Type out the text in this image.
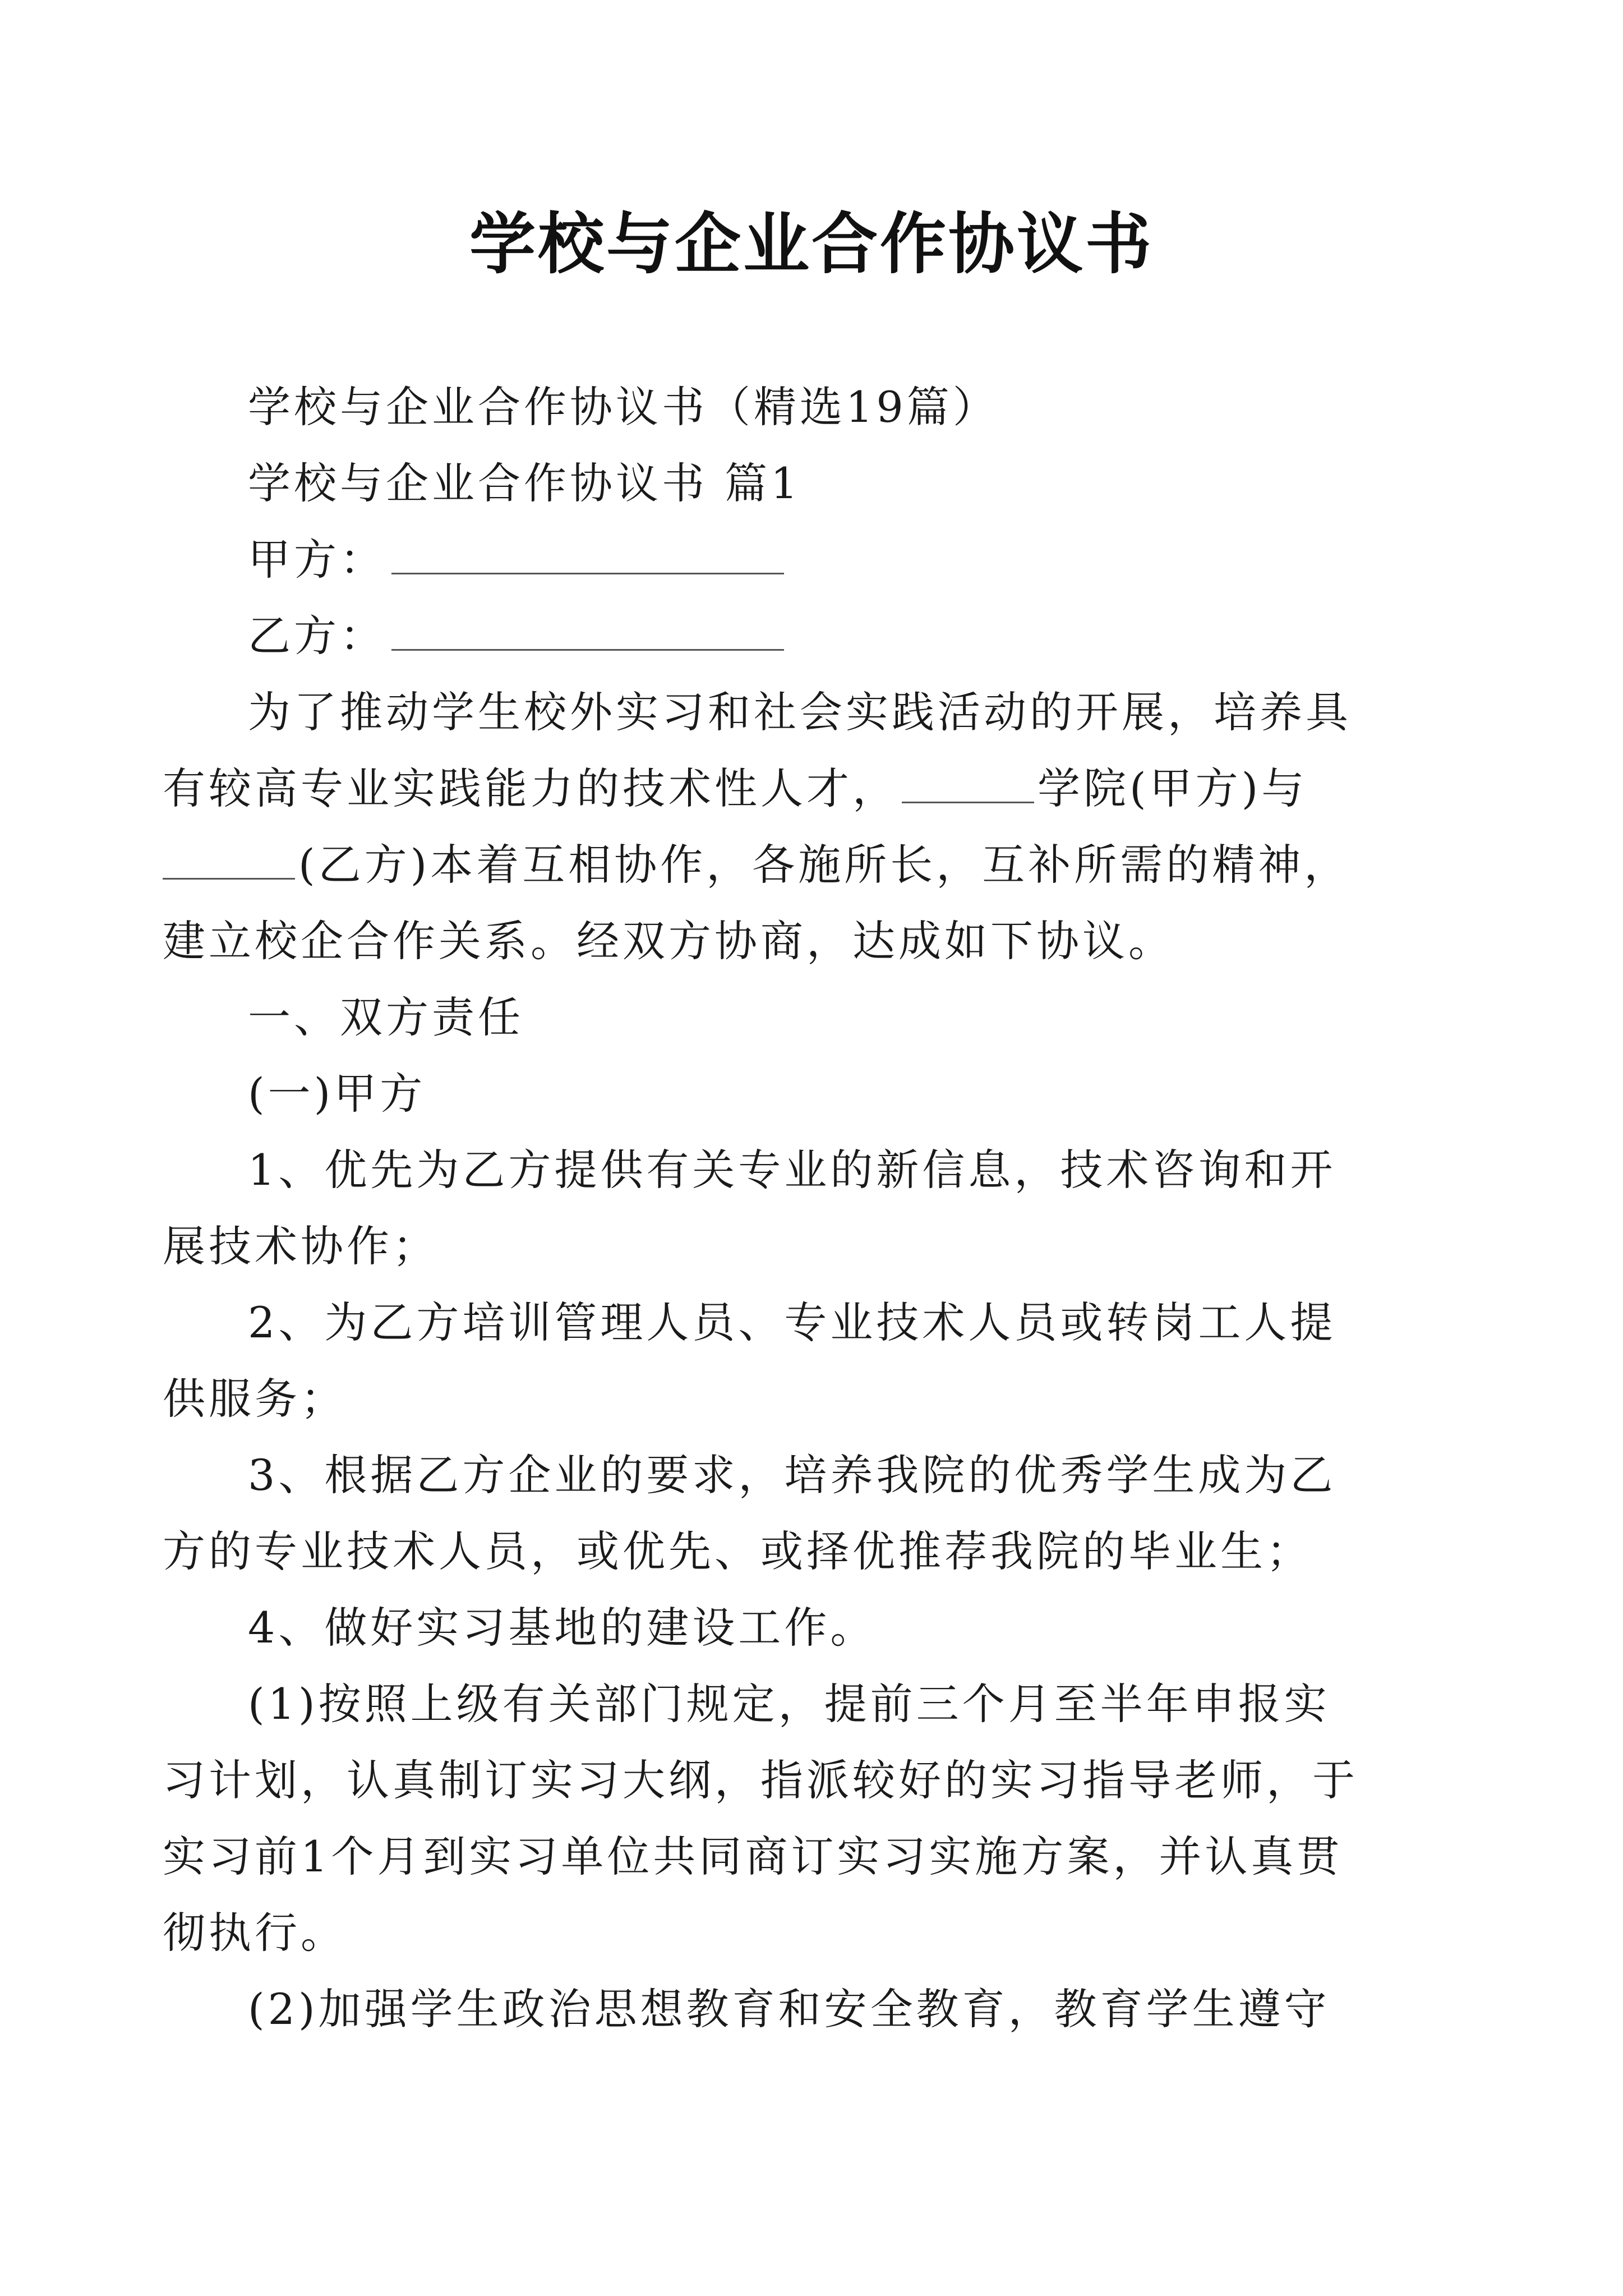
学校与企业合作协议书
学校与企业合作协议书（精选19篇）
学校与企业合作协议书 篇1
甲方：
乙方：
为了推动学生校外实习和社会实践活动的开展，培养具
有较高专业实践能力的技术性人才，	学院(甲方)与
(乙方)本着互相协作，各施所长，互补所需的精神，
建立校企合作关系。经双方协商，达成如下协议。
一、双方责任
(一)甲方
1、优先为乙方提供有关专业的新信息，技术咨询和开
展技术协作；
2、为乙方培训管理人员、专业技术人员或转岗工人提
供服务；
3、根据乙方企业的要求，培养我院的优秀学生成为乙
方的专业技术人员，或优先、或择优推荐我院的毕业生；
4、做好实习基地的建设工作。
(1)按照上级有关部门规定，提前三个月至半年申报实
习计划，认真制订实习大纲，指派较好的实习指导老师，于
实习前1个月到实习单位共同商订实习实施方案，并认真贯
彻执行。
(2)加强学生政治思想教育和安全教育，教育学生遵守
